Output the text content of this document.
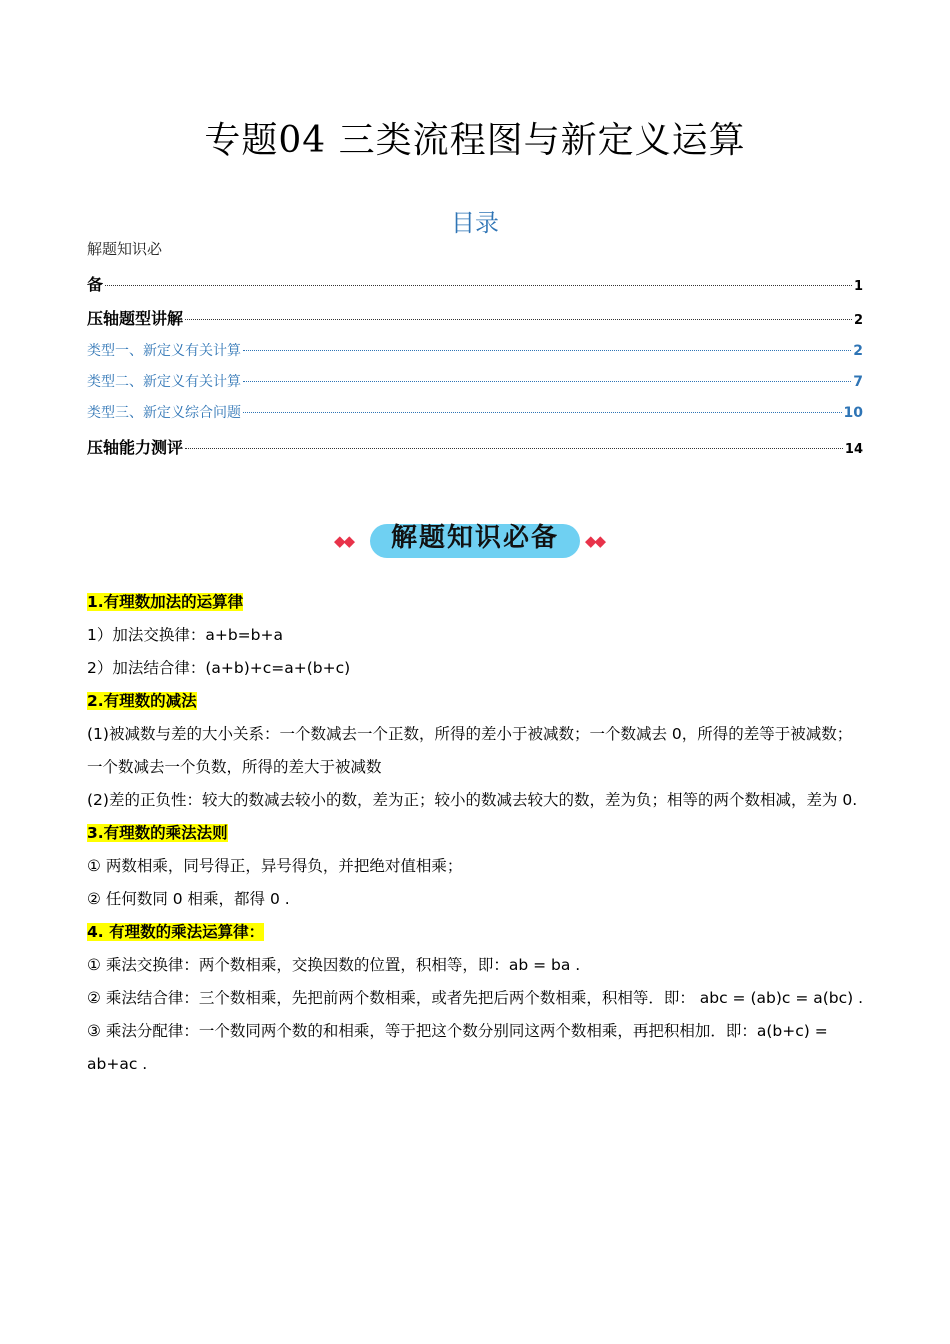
专题04 三类流程图与新定义运算
目录
解题知识必
备	1
压轴题型讲解	2
类型一、新定义有关计算	2
类型二、新定义有关计算	7
类型三、新定义综合问题	10
压轴能力测评	14
◆◆	解题知识必备	◆◆

1.有理数加法的运算律

1）加法交换律：a+b=b+a

2）加法结合律：(a+b)+c=a+(b+c)

2.有理数的减法

(1)被减数与差的大小关系：一个数减去一个正数，所得的差小于被减数；一个数减去 0，所得的差等于被减数；一个数减去一个负数，所得的差大于被减数

(2)差的正负性：较大的数减去较小的数，差为正；较小的数减去较大的数，差为负；相等的两个数相减，差为 0.

3.有理数的乘法法则

① 两数相乘，同号得正，异号得负，并把绝对值相乘；

② 任何数同 0 相乘，都得 0 .

4. 有理数的乘法运算律：

① 乘法交换律：两个数相乘，交换因数的位置，积相等，即：ab = ba .

② 乘法结合律：三个数相乘，先把前两个数相乘，或者先把后两个数相乘，积相等．即： abc = (ab)c = a(bc) .

③ 乘法分配律：一个数同两个数的和相乘，等于把这个数分别同这两个数相乘，再把积相加．即：a(b+c) = ab+ac .
